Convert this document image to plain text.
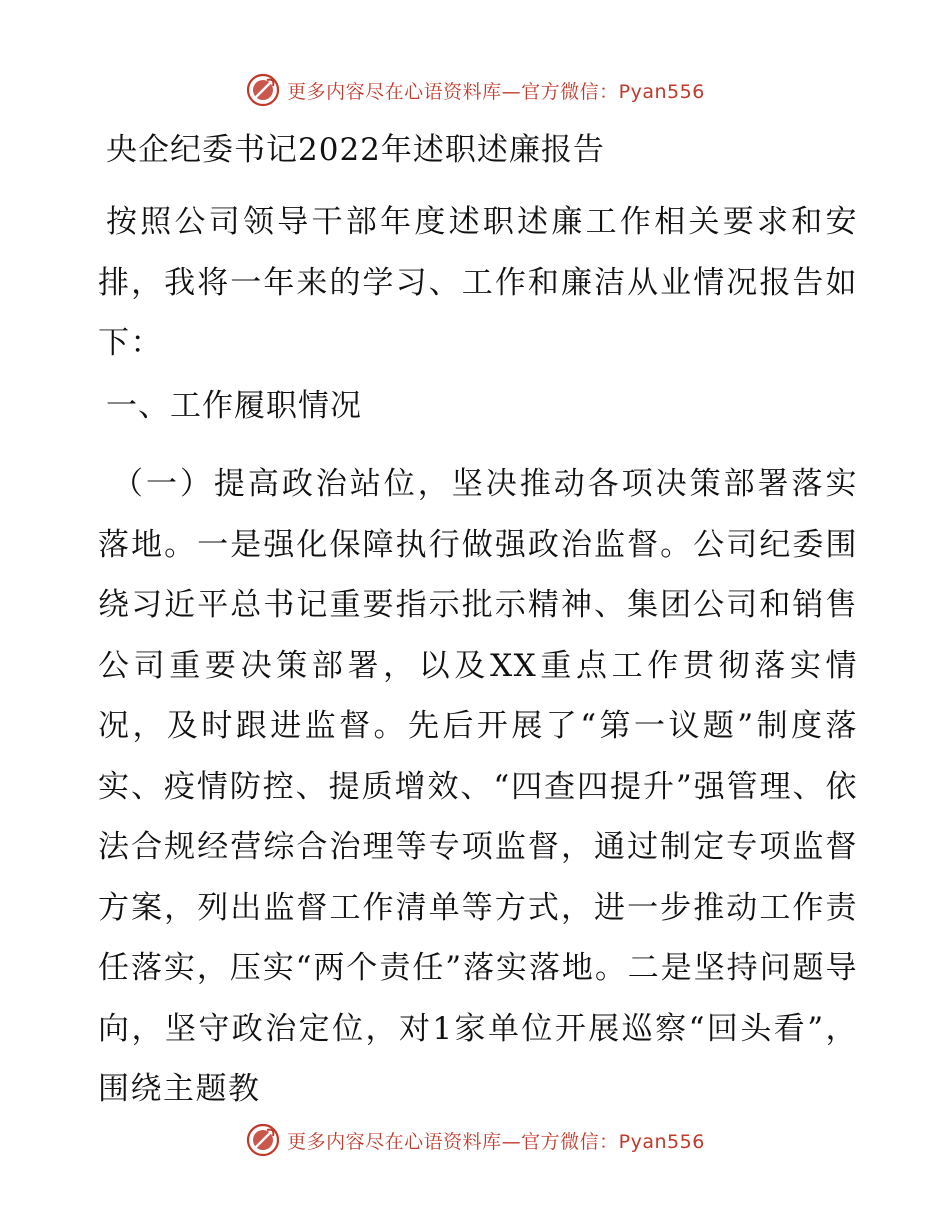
更多内容尽在心语资料库—官方微信：Pyan556
央企纪委书记2022年述职述廉报告
按照公司领导干部年度述职述廉工作相关要求和安排，我将一年来的学习、工作和廉洁从业情况报告如下：
一、工作履职情况
（一）提高政治站位，坚决推动各项决策部署落实落地。一是强化保障执行做强政治监督。公司纪委围绕习近平总书记重要指示批示精神、集团公司和销售公司重要决策部署，以及XX重点工作贯彻落实情况，及时跟进监督。先后开展了“第一议题”制度落实、疫情防控、提质增效、“四查四提升”强管理、依法合规经营综合治理等专项监督，通过制定专项监督方案，列出监督工作清单等方式，进一步推动工作责任落实，压实“两个责任”落实落地。二是坚持问题导向，坚守政治定位，对1家单位开展巡察“回头看”，围绕主题教
更多内容尽在心语资料库—官方微信：Pyan556
